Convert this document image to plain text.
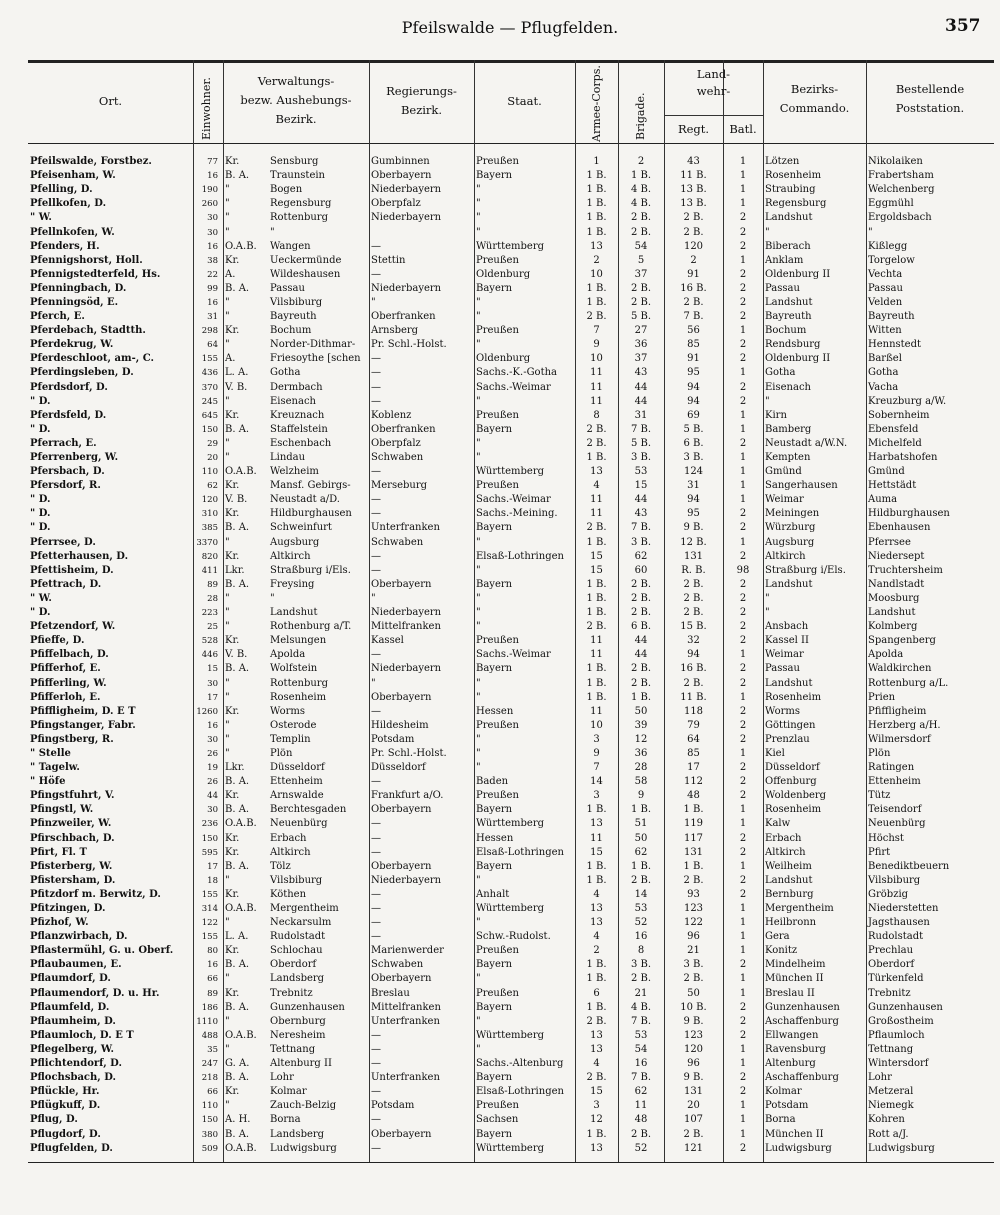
Pfeilswalde — Pflugfelden.	357
Ort.	Einwohner.	Verwaltungs-
bezw. Aushebungs-
Bezirk.
Regierungs-
Bezirk.
Staat.	Armee-Corps.	Brigade.
Land-
wehr-
Regt.	Batl.
Bezirks-
Commando.
Bestellende
Poststation.
Pfeilswalde, Forstbez.	77	Kr.	Sensburg	Gumbinnen	Preußen	1	2	43	1	Lötzen	Nikolaiken
Pfeisenham, W.	16	B. A.	Traunstein	Oberbayern	Bayern	1 B.	1 B.	11 B.	1	Rosenheim	Frabertsham
Pfelling, D.	190	"	Bogen	Niederbayern	"	1 B.	4 B.	13 B.	1	Straubing	Welchenberg
Pfellkofen, D.	260	"	Regensburg	Oberpfalz	"	1 B.	4 B.	13 B.	1	Regensburg	Eggmühl
" W.	30	"	Rottenburg	Niederbayern	"	1 B.	2 B.	2 B.	2	Landshut	Ergoldsbach
Pfellnkofen, W.	30	"	"		"	1 B.	2 B.	2 B.	2	"	"
Pfenders, H.	16	O.A.B.	Wangen	—	Württemberg	13	54	120	2	Biberach	Kißlegg
Pfennigshorst, Holl.	38	Kr.	Ueckermünde	Stettin	Preußen	2	5	2	1	Anklam	Torgelow
Pfennigstedterfeld, Hs.	22	A.	Wildeshausen	—	Oldenburg	10	37	91	2	Oldenburg II	Vechta
Pfenningbach, D.	99	B. A.	Passau	Niederbayern	Bayern	1 B.	2 B.	16 B.	2	Passau	Passau
Pfenningsöd, E.	16	"	Vilsbiburg	"	"	1 B.	2 B.	2 B.	2	Landshut	Velden
Pferch, E.	31	"	Bayreuth	Oberfranken	"	2 B.	5 B.	7 B.	2	Bayreuth	Bayreuth
Pferdebach, Stadtth.	298	Kr.	Bochum	Arnsberg	Preußen	7	27	56	1	Bochum	Witten
Pferdekrug, W.	64	"	Norder-Dithmar-	Pr. Schl.-Holst.	"	9	36	85	2	Rendsburg	Hennstedt
Pferdeschloot, am-, C.	155	A.	Friesoythe [schen	—	Oldenburg	10	37	91	2	Oldenburg II	Barßel
Pferdingsleben, D.	436	L. A.	Gotha	—	Sachs.-K.-Gotha	11	43	95	1	Gotha	Gotha
Pferdsdorf, D.	370	V. B.	Dermbach	—	Sachs.-Weimar	11	44	94	2	Eisenach	Vacha
" D.	245	"	Eisenach	—	"	11	44	94	2	"	Kreuzburg a/W.
Pferdsfeld, D.	645	Kr.	Kreuznach	Koblenz	Preußen	8	31	69	1	Kirn	Sobernheim
" D.	150	B. A.	Staffelstein	Oberfranken	Bayern	2 B.	7 B.	5 B.	1	Bamberg	Ebensfeld
Pferrach, E.	29	"	Eschenbach	Oberpfalz	"	2 B.	5 B.	6 B.	2	Neustadt a/W.N.	Michelfeld
Pferrenberg, W.	20	"	Lindau	Schwaben	"	1 B.	3 B.	3 B.	1	Kempten	Harbatshofen
Pfersbach, D.	110	O.A.B.	Welzheim	—	Württemberg	13	53	124	1	Gmünd	Gmünd
Pfersdorf, R.	62	Kr.	Mansf. Gebirgs-	Merseburg	Preußen	4	15	31	1	Sangerhausen	Hettstädt
" D.	120	V. B.	Neustadt a/D.	—	Sachs.-Weimar	11	44	94	1	Weimar	Auma
" D.	310	Kr.	Hildburghausen	—	Sachs.-Meining.	11	43	95	2	Meiningen	Hildburghausen
" D.	385	B. A.	Schweinfurt	Unterfranken	Bayern	2 B.	7 B.	9 B.	2	Würzburg	Ebenhausen
Pferrsee, D.	3370	"	Augsburg	Schwaben	"	1 B.	3 B.	12 B.	1	Augsburg	Pferrsee
Pfetterhausen, D.	820	Kr.	Altkirch	—	Elsaß-Lothringen	15	62	131	2	Altkirch	Niedersept
Pfettisheim, D.	411	Lkr.	Straßburg i/Els.	—	"	15	60	R. B.	98	Straßburg i/Els.	Truchtersheim
Pfettrach, D.	89	B. A.	Freysing	Oberbayern	Bayern	1 B.	2 B.	2 B.	2	Landshut	Nandlstadt
" W.	28	"	"	"	"	1 B.	2 B.	2 B.	2	"	Moosburg
" D.	223	"	Landshut	Niederbayern	"	1 B.	2 B.	2 B.	2	"	Landshut
Pfetzendorf, W.	25	"	Rothenburg a/T.	Mittelfranken	"	2 B.	6 B.	15 B.	2	Ansbach	Kolmberg
Pfieffe, D.	528	Kr.	Melsungen	Kassel	Preußen	11	44	32	2	Kassel II	Spangenberg
Pfiffelbach, D.	446	V. B.	Apolda	—	Sachs.-Weimar	11	44	94	1	Weimar	Apolda
Pfifferhof, E.	15	B. A.	Wolfstein	Niederbayern	Bayern	1 B.	2 B.	16 B.	2	Passau	Waldkirchen
Pfifferling, W.	30	"	Rottenburg	"	"	1 B.	2 B.	2 B.	2	Landshut	Rottenburg a/L.
Pfifferloh, E.	17	"	Rosenheim	Oberbayern	"	1 B.	1 B.	11 B.	1	Rosenheim	Prien
Pfiffligheim, D. E T	1260	Kr.	Worms	—	Hessen	11	50	118	2	Worms	Pfiffligheim
Pfingstanger, Fabr.	16	"	Osterode	Hildesheim	Preußen	10	39	79	2	Göttingen	Herzberg a/H.
Pfingstberg, R.	30	"	Templin	Potsdam	"	3	12	64	2	Prenzlau	Wilmersdorf
" Stelle	26	"	Plön	Pr. Schl.-Holst.	"	9	36	85	1	Kiel	Plön
" Tagelw.	19	Lkr.	Düsseldorf	Düsseldorf	"	7	28	17	2	Düsseldorf	Ratingen
" Höfe	26	B. A.	Ettenheim	—	Baden	14	58	112	2	Offenburg	Ettenheim
Pfingstfuhrt, V.	44	Kr.	Arnswalde	Frankfurt a/O.	Preußen	3	9	48	2	Woldenberg	Tütz
Pfingstl, W.	30	B. A.	Berchtesgaden	Oberbayern	Bayern	1 B.	1 B.	1 B.	1	Rosenheim	Teisendorf
Pfinzweiler, W.	236	O.A.B.	Neuenbürg	—	Württemberg	13	51	119	1	Kalw	Neuenbürg
Pfirschbach, D.	150	Kr.	Erbach	—	Hessen	11	50	117	2	Erbach	Höchst
Pfirt, Fl. T	595	Kr.	Altkirch	—	Elsaß-Lothringen	15	62	131	2	Altkirch	Pfirt
Pfisterberg, W.	17	B. A.	Tölz	Oberbayern	Bayern	1 B.	1 B.	1 B.	1	Weilheim	Benediktbeuern
Pfistersham, D.	18	"	Vilsbiburg	Niederbayern	"	1 B.	2 B.	2 B.	2	Landshut	Vilsbiburg
Pfitzdorf m. Berwitz, D.	155	Kr.	Köthen	—	Anhalt	4	14	93	2	Bernburg	Gröbzig
Pfitzingen, D.	314	O.A.B.	Mergentheim	—	Württemberg	13	53	123	1	Mergentheim	Niederstetten
Pfizhof, W.	122	"	Neckarsulm	—	"	13	52	122	1	Heilbronn	Jagsthausen
Pflanzwirbach, D.	155	L. A.	Rudolstadt	—	Schw.-Rudolst.	4	16	96	1	Gera	Rudolstadt
Pflastermühl, G. u. Oberf.	80	Kr.	Schlochau	Marienwerder	Preußen	2	8	21	1	Konitz	Prechlau
Pflaubaumen, E.	16	B. A.	Oberdorf	Schwaben	Bayern	1 B.	3 B.	3 B.	2	Mindelheim	Oberdorf
Pflaumdorf, D.	66	"	Landsberg	Oberbayern	"	1 B.	2 B.	2 B.	1	München II	Türkenfeld
Pflaumendorf, D. u. Hr.	89	Kr.	Trebnitz	Breslau	Preußen	6	21	50	1	Breslau II	Trebnitz
Pflaumfeld, D.	186	B. A.	Gunzenhausen	Mittelfranken	Bayern	1 B.	4 B.	10 B.	2	Gunzenhausen	Gunzenhausen
Pflaumheim, D.	1110	"	Obernburg	Unterfranken	"	2 B.	7 B.	9 B.	2	Aschaffenburg	Großostheim
Pflaumloch, D. E T	488	O.A.B.	Neresheim	—	Württemberg	13	53	123	2	Ellwangen	Pflaumloch
Pflegelberg, W.	35	"	Tettnang	—	"	13	54	120	1	Ravensburg	Tettnang
Pflichtendorf, D.	247	G. A.	Altenburg II	—	Sachs.-Altenburg	4	16	96	1	Altenburg	Wintersdorf
Pflochsbach, D.	218	B. A.	Lohr	Unterfranken	Bayern	2 B.	7 B.	9 B.	2	Aschaffenburg	Lohr
Pflückle, Hr.	66	Kr.	Kolmar	—	Elsaß-Lothringen	15	62	131	2	Kolmar	Metzeral
Pflügkuff, D.	110	"	Zauch-Belzig	Potsdam	Preußen	3	11	20	1	Potsdam	Niemegk
Pflug, D.	150	A. H.	Borna	—	Sachsen	12	48	107	1	Borna	Kohren
Pflugdorf, D.	380	B. A.	Landsberg	Oberbayern	Bayern	1 B.	2 B.	2 B.	1	München II	Rott a/J.
Pflugfelden, D.	509	O.A.B.	Ludwigsburg	—	Württemberg	13	52	121	2	Ludwigsburg	Ludwigsburg
